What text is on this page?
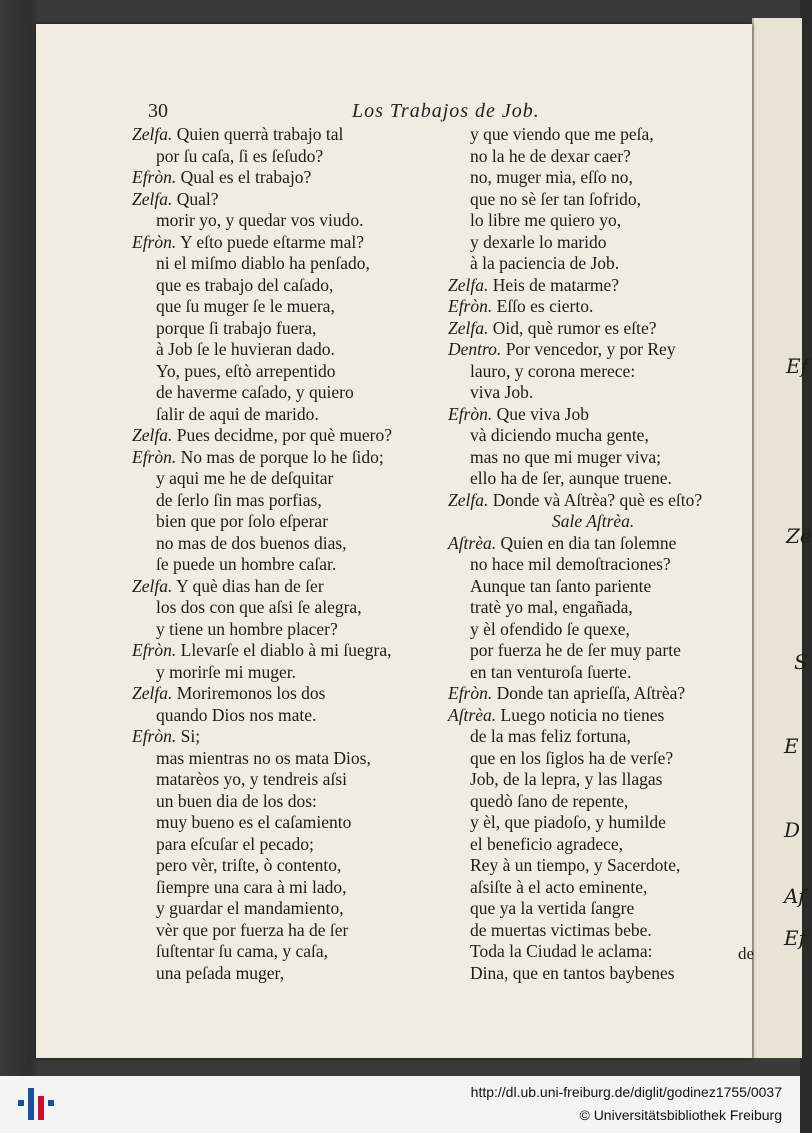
Ef
Ze
S
E
D
Af
Ef
30	Los Trabajos de Job.
Zelfa. Quien querrà trabajo tal
por ſu caſa, ſi es ſeſudo?
Efròn. Qual es el trabajo?
Zelfa. Qual?
morir yo, y quedar vos viudo.
Efròn. Y eſto puede eſtarme mal?
ni el miſmo diablo ha penſado,
que es trabajo del caſado,
que ſu muger ſe le muera,
porque ſi trabajo fuera,
à Job ſe le huvieran dado.
Yo, pues, eſtò arrepentido
de haverme caſado, y quiero
ſalir de aqui de marido.
Zelfa. Pues decidme, por què muero?
Efròn. No mas de porque lo he ſido;
y aqui me he de deſquitar
de ſerlo ſin mas porfias,
bien que por ſolo eſperar
no mas de dos buenos dias,
ſe puede un hombre caſar.
Zelfa. Y què dias han de ſer
los dos con que aſsi ſe alegra,
y tiene un hombre placer?
Efròn. Llevarſe el diablo à mi ſuegra,
y morirſe mi muger.
Zelfa. Moriremonos los dos
quando Dios nos mate.
Efròn. Si;
mas mientras no os mata Dios,
matarèos yo, y tendreis aſsi
un buen dia de los dos:
muy bueno es el caſamiento
para eſcuſar el pecado;
pero vèr, triſte, ò contento,
ſiempre una cara à mi lado,
y guardar el mandamiento,
vèr que por fuerza ha de ſer
ſuſtentar ſu cama, y caſa,
una peſada muger,
y que viendo que me peſa,
no la he de dexar caer?
no, muger mia, eſſo no,
que no sè ſer tan ſofrido,
lo libre me quiero yo,
y dexarle lo marido
à la paciencia de Job.
Zelfa. Heis de matarme?
Efròn. Eſſo es cierto.
Zelfa. Oid, què rumor es eſte?
Dentro. Por vencedor, y por Rey
lauro, y corona merece:
viva Job.
Efròn. Que viva Job
và diciendo mucha gente,
mas no que mi muger viva;
ello ha de ſer, aunque truene.
Zelfa. Donde và Aſtrèa? què es eſto?
Sale Aſtrèa.
Aſtrèa. Quien en dia tan ſolemne
no hace mil demoſtraciones?
Aunque tan ſanto pariente
tratè yo mal, engañada,
y èl ofendido ſe quexe,
por fuerza he de ſer muy parte
en tan venturoſa ſuerte.
Efròn. Donde tan aprieſſa, Aſtrèa?
Aſtrèa. Luego noticia no tienes
de la mas feliz fortuna,
que en los ſiglos ha de verſe?
Job, de la lepra, y las llagas
quedò ſano de repente,
y èl, que piadoſo, y humilde
el beneficio agradece,
Rey à un tiempo, y Sacerdote,
aſsiſte à el acto eminente,
que ya la vertida ſangre
de muertas victimas bebe.
Toda la Ciudad le aclama:
Dina, que en tantos baybenes
de
http://dl.ub.uni-freiburg.de/diglit/godinez1755/0037
© Universitätsbibliothek Freiburg
